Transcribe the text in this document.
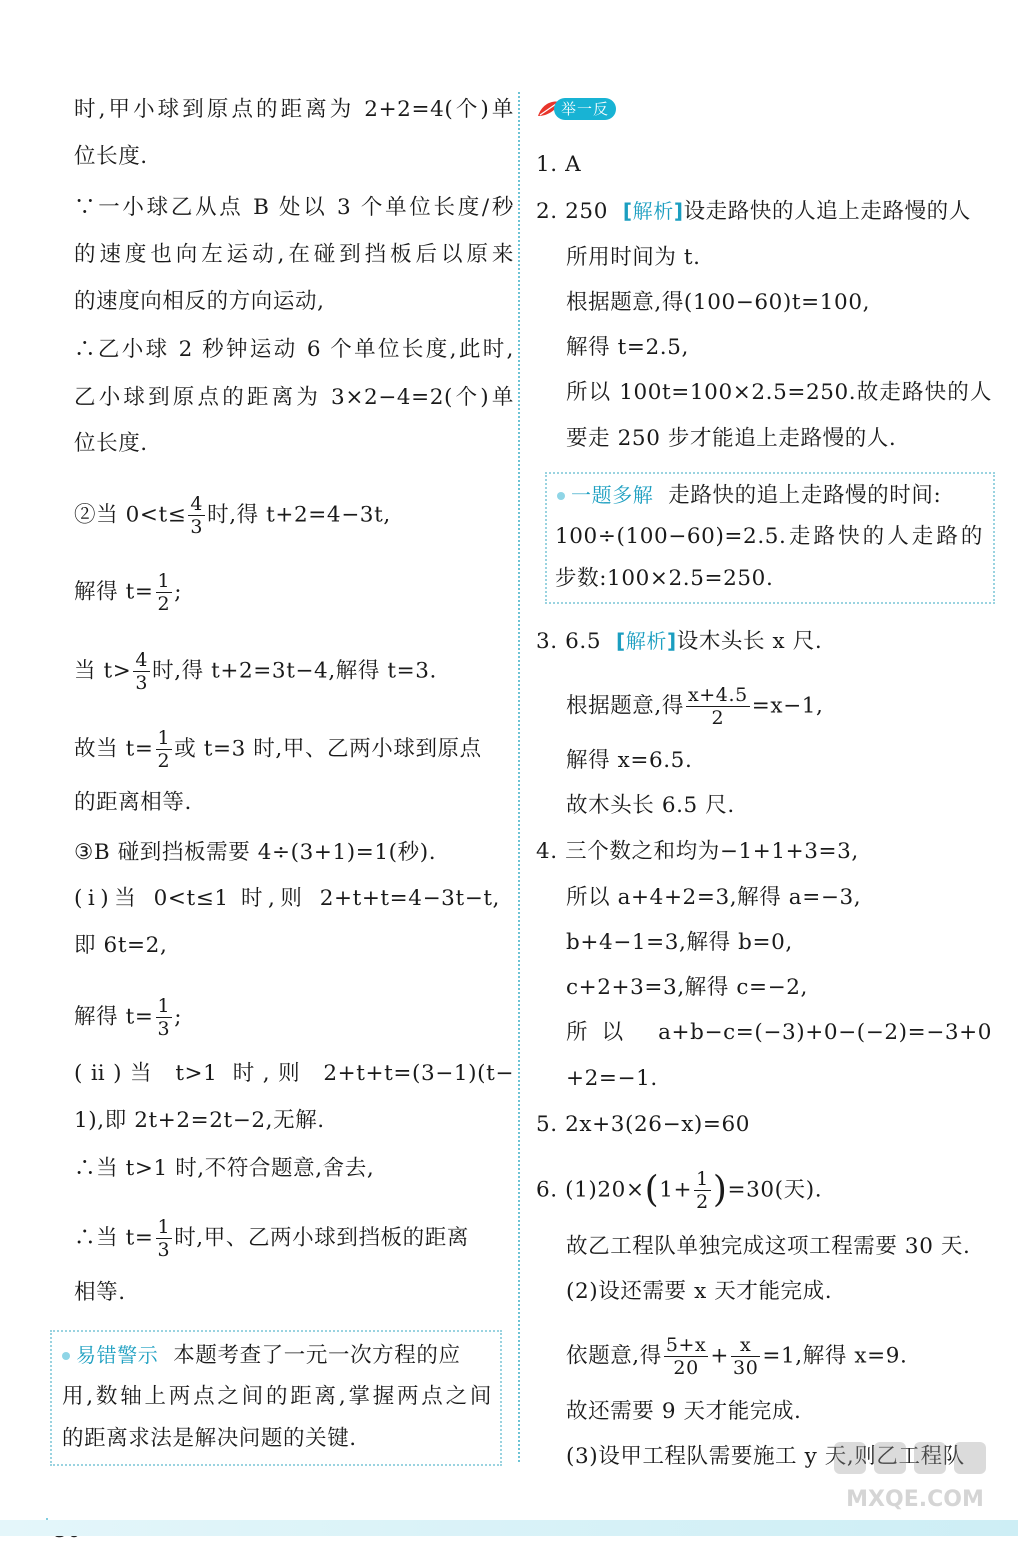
时,甲小球到原点的距离为 2+2=4(个)单
位长度.
∵一小球乙从点 B 处以 3 个单位长度/秒
的速度也向左运动,在碰到挡板后以原来
的速度向相反的方向运动,
∴乙小球 2 秒钟运动 6 个单位长度,此时,
乙小球到原点的距离为 3×2−4=2(个)单
位长度.
②当 $0<t\le \frac{4}{3}$ 时,得 t+2=4−3t,
解得 $t= \frac{1}{2}$ ;
当 $t> \frac{4}{3}$ 时,得 t+2=3t−4,解得 t=3.
故当 $t= \frac{1}{2}$ 或 t=3 时,甲、乙两小球到原点
的距离相等.
③B 碰到挡板需要 4÷(3+1)=1(秒).
(ⅰ)当 0<t≤1 时,则 2+t+t=4−3t−t,
即 6t=2,
解得 $t= \frac{1}{3}$ ;
(ⅱ)当 t>1 时,则 2+t+t=(3−1)(t−
1),即 2t+2=2t−2,无解.
∴当 t>1 时,不符合题意,舍去,
∴当 $t= \frac{1}{3}$ 时,甲、乙两小球到挡板的距离
相等.
易错警示 本题考查了一元一次方程的应
用,数轴上两点之间的距离,掌握两点之间
的距离求法是解决问题的关键.
举一反三
1. A
2. 250 [解析]设走路快的人追上走路慢的人
所用时间为 t.
根据题意,得(100−60)t=100,
解得 t=2.5,
所以 100t=100×2.5=250.故走路快的人
要走 250 步才能追上走路慢的人.
一题多解 走路快的追上走路慢的时间:
100÷(100−60)=2.5.走路快的人走路的
步数:100×2.5=250.
3. 6.5 [解析]设木头长 x 尺.
根据题意,得 $\frac{x+4.5}{2} =x-1$,
解得 x=6.5.
故木头长 6.5 尺.
4. 三个数之和均为−1+1+3=3,
所以 a+4+2=3,解得 a=−3,
b+4−1=3,解得 b=0,
c+2+3=3,解得 c=−2,
所以 a+b−c=(−3)+0−(−2)=−3+0
+2=−1.
5. 2x+3(26−x)=60
6. $(1)20\times(1+ \frac{1}{2} )=30$(天).
故乙工程队单独完成这项工程需要 30 天.
(2)设还需要 x 天才能完成.
依题意,得 $\frac{5+x}{20} + \frac{x}{30} =1$,解得 x=9.
故还需要 9 天才能完成.
(3)设甲工程队需要施工 y 天,则乙工程队
MXQE.COM
